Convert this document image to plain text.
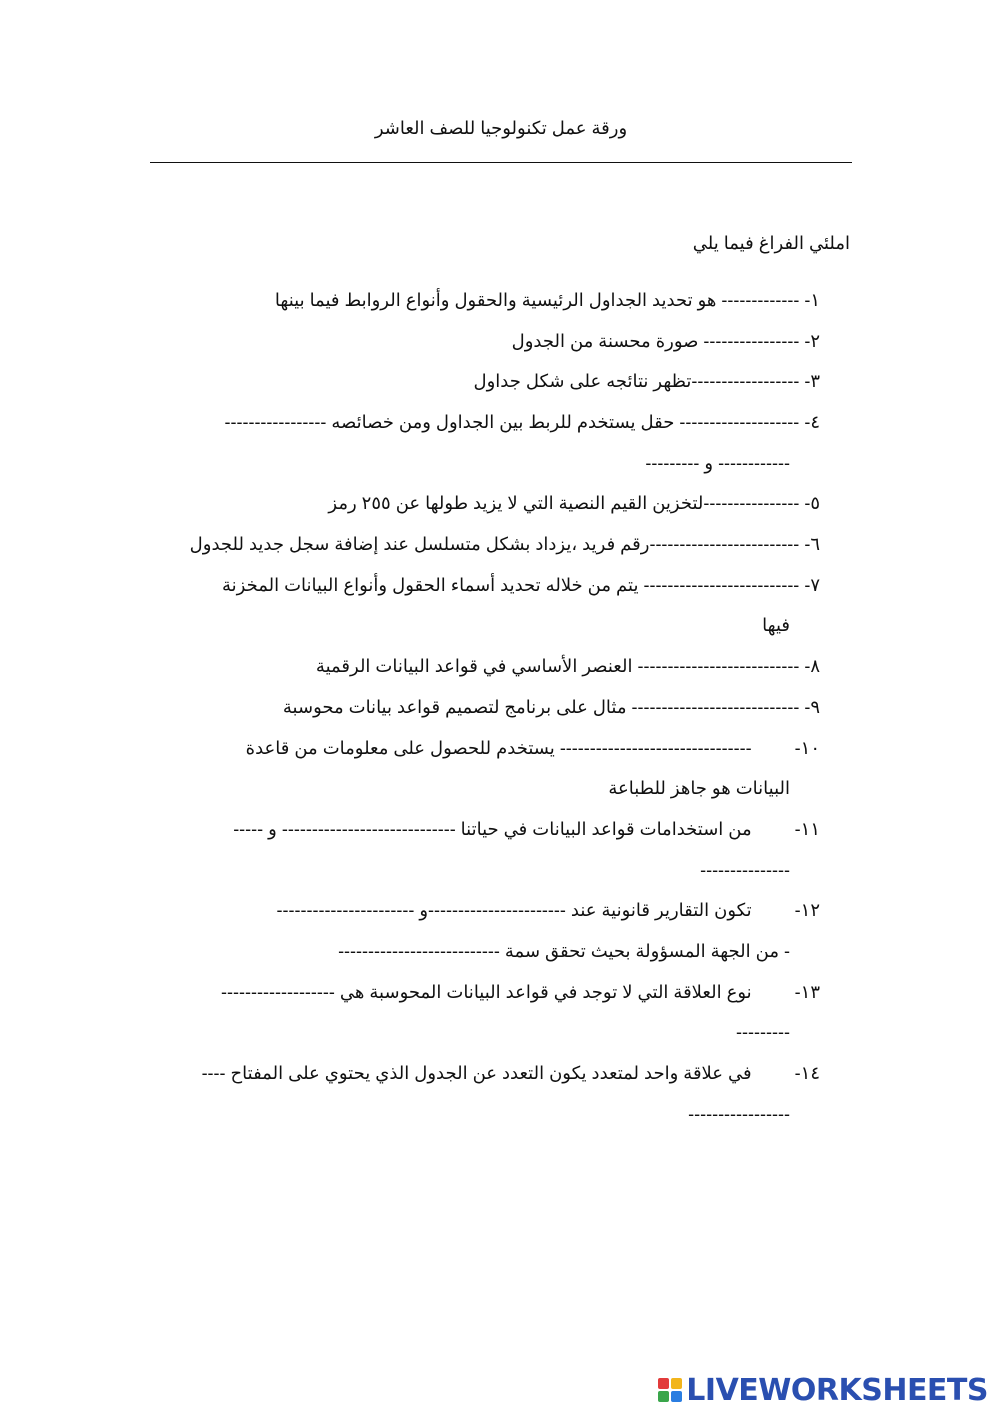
ورقة عمل تكنولوجيا للصف العاشر
املئي الفراغ فيما يلي
١- ------------- هو تحديد الجداول الرئيسية والحقول وأنواع الروابط فيما بينها
٢- ---------------- صورة محسنة من الجدول
٣- ------------------تظهر نتائجه على شكل جداول
٤- -------------------- حقل يستخدم للربط بين الجداول ومن خصائصه -----------------
------------ و ---------
٥- ----------------لتخزين القيم النصية التي لا يزيد طولها عن ٢٥٥ رمز
٦- -------------------------رقم فريد ،يزداد بشكل متسلسل عند إضافة سجل جديد للجدول
٧- -------------------------- يتم من خلاله تحديد أسماء الحقول وأنواع البيانات المخزنة
فيها
٨- --------------------------- العنصر الأساسي في قواعد البيانات الرقمية
٩- ---------------------------- مثال على برنامج لتصميم قواعد بيانات محوسبة
١٠- -------------------------------- يستخدم للحصول على معلومات من قاعدة
البيانات هو جاهز للطباعة
١١- من استخدامات قواعد البيانات في حياتنا ----------------------------- و -----
---------------
١٢- تكون التقارير قانونية عند -----------------------و -----------------------
- من الجهة المسؤولة بحيث تحقق سمة ---------------------------
١٣- نوع العلاقة التي لا توجد في قواعد البيانات المحوسبة هي -------------------
---------
١٤- في علاقة واحد لمتعدد يكون التعدد عن الجدول الذي يحتوي على المفتاح ----
-----------------
LIVEWORKSHEETS
